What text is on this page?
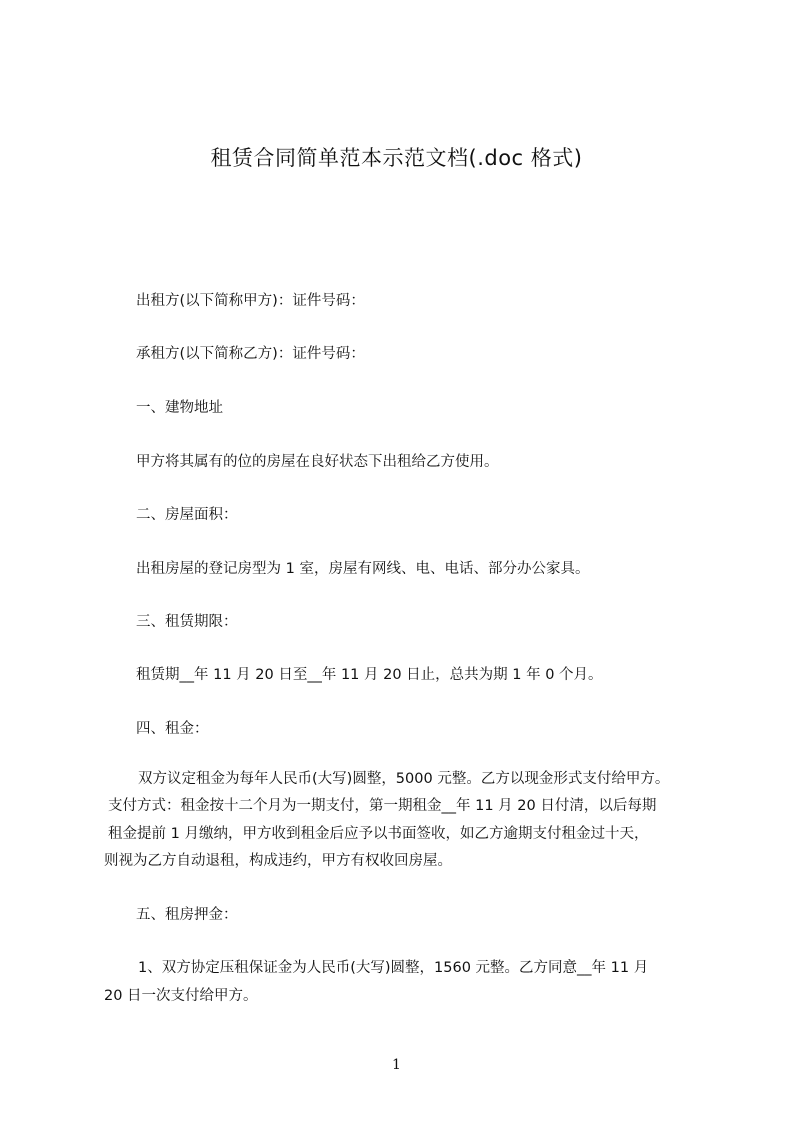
租赁合同简单范本示范文档(.doc 格式)
出租方(以下简称甲方)：证件号码：
承租方(以下简称乙方)：证件号码：
一、建物地址
甲方将其属有的位的房屋在良好状态下出租给乙方使用。
二、房屋面积：
出租房屋的登记房型为 1 室，房屋有网线、电、电话、部分办公家具。
三、租赁期限：
租赁期__年 11 月 20 日至__年 11 月 20 日止，总共为期 1 年 0 个月。
四、租金：
双方议定租金为每年人民币(大写)圆整，5000 元整。乙方以现金形式支付给甲方。
支付方式：租金按十二个月为一期支付，第一期租金__年 11 月 20 日付清，以后每期
租金提前 1 月缴纳，甲方收到租金后应予以书面签收，如乙方逾期支付租金过十天，
则视为乙方自动退租，构成违约，甲方有权收回房屋。
五、租房押金：
1、双方协定压租保证金为人民币(大写)圆整，1560 元整。乙方同意__年 11 月
20 日一次支付给甲方。
1
